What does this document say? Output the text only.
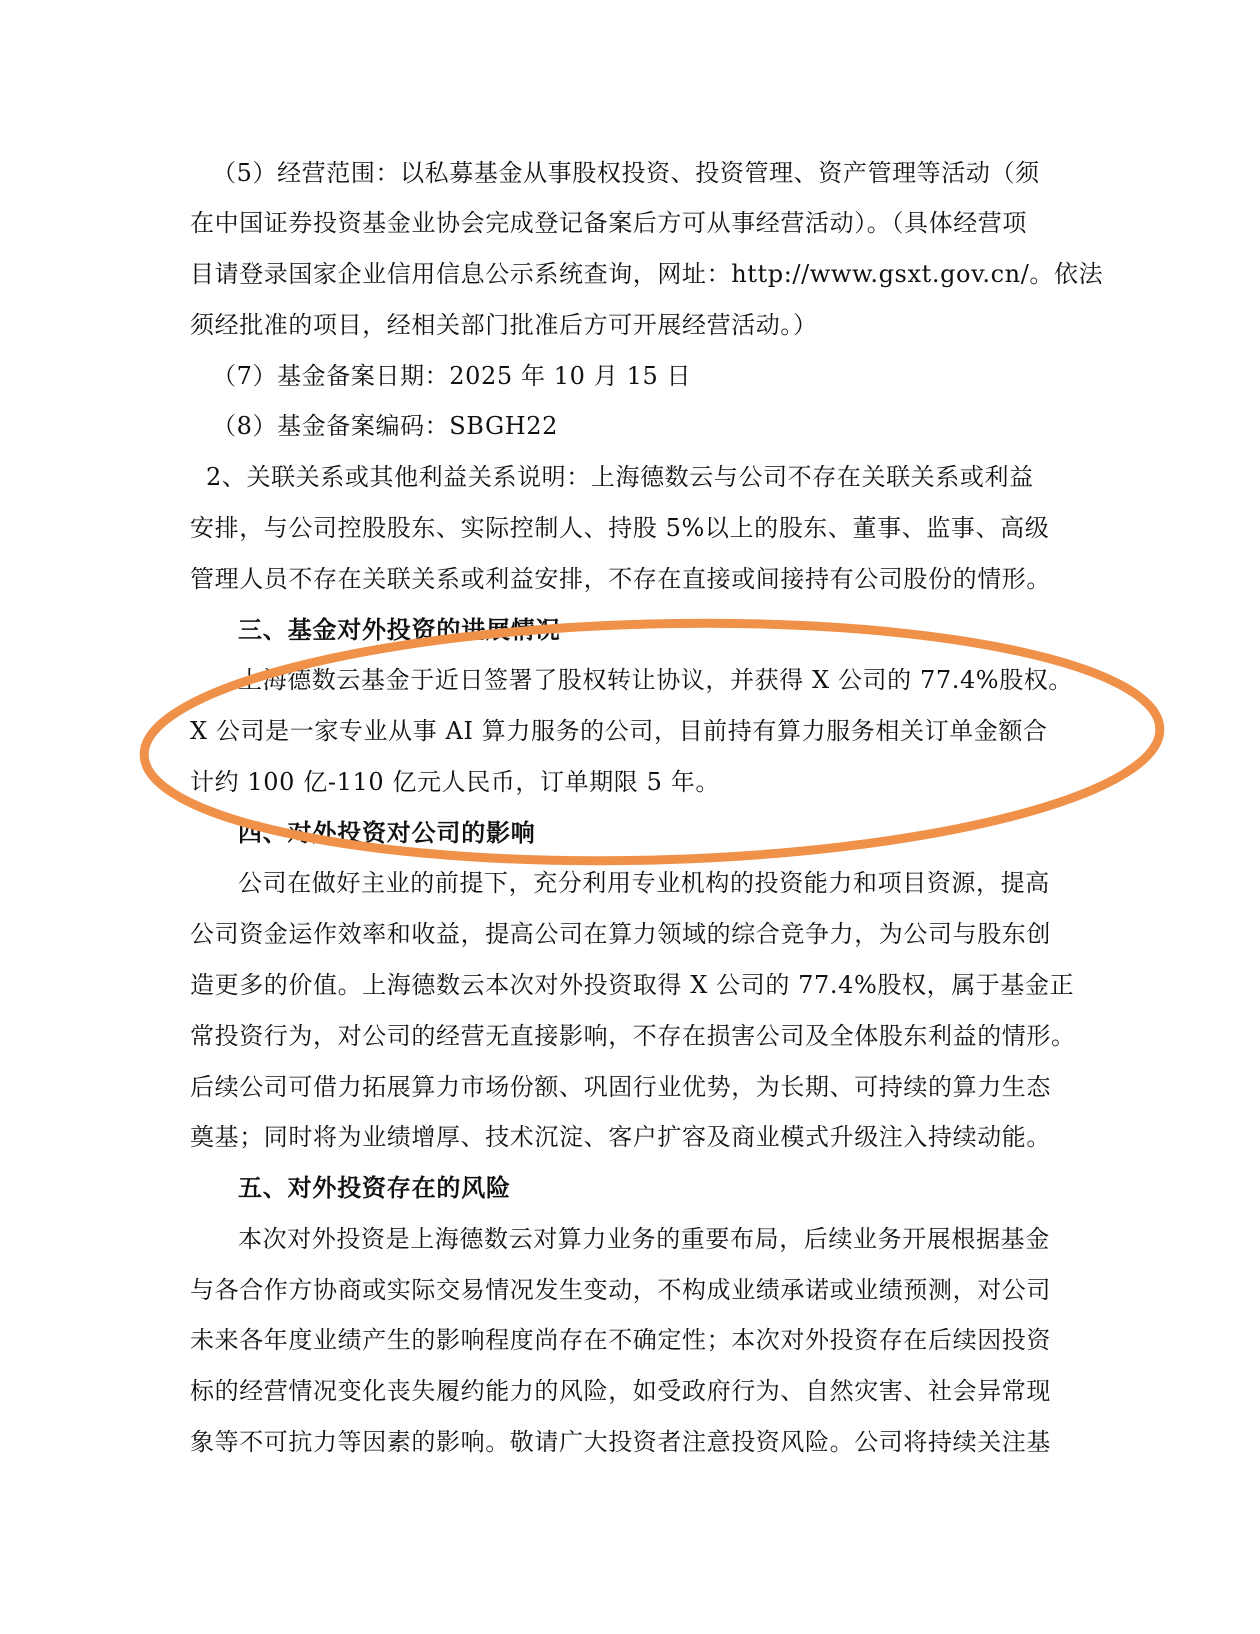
（5）经营范围：以私募基金从事股权投资、投资管理、资产管理等活动（须
在中国证券投资基金业协会完成登记备案后方可从事经营活动）。（具体经营项
目请登录国家企业信用信息公示系统查询，网址：http://www.gsxt.gov.cn/。依法
须经批准的项目，经相关部门批准后方可开展经营活动。）
（7）基金备案日期：2025 年 10 月 15 日
（8）基金备案编码：SBGH22
2、关联关系或其他利益关系说明：上海德数云与公司不存在关联关系或利益
安排，与公司控股股东、实际控制人、持股 5%以上的股东、董事、监事、高级
管理人员不存在关联关系或利益安排，不存在直接或间接持有公司股份的情形。
三、基金对外投资的进展情况
上海德数云基金于近日签署了股权转让协议，并获得 X 公司的 77.4%股权。
X 公司是一家专业从事 AI 算力服务的公司，目前持有算力服务相关订单金额合
计约 100 亿-110 亿元人民币，订单期限 5 年。
四、对外投资对公司的影响
公司在做好主业的前提下，充分利用专业机构的投资能力和项目资源，提高
公司资金运作效率和收益，提高公司在算力领域的综合竞争力，为公司与股东创
造更多的价值。上海德数云本次对外投资取得 X 公司的 77.4%股权，属于基金正
常投资行为，对公司的经营无直接影响，不存在损害公司及全体股东利益的情形。
后续公司可借力拓展算力市场份额、巩固行业优势，为长期、可持续的算力生态
奠基；同时将为业绩增厚、技术沉淀、客户扩容及商业模式升级注入持续动能。
五、对外投资存在的风险
本次对外投资是上海德数云对算力业务的重要布局，后续业务开展根据基金
与各合作方协商或实际交易情况发生变动，不构成业绩承诺或业绩预测，对公司
未来各年度业绩产生的影响程度尚存在不确定性；本次对外投资存在后续因投资
标的经营情况变化丧失履约能力的风险，如受政府行为、自然灾害、社会异常现
象等不可抗力等因素的影响。敬请广大投资者注意投资风险。公司将持续关注基
